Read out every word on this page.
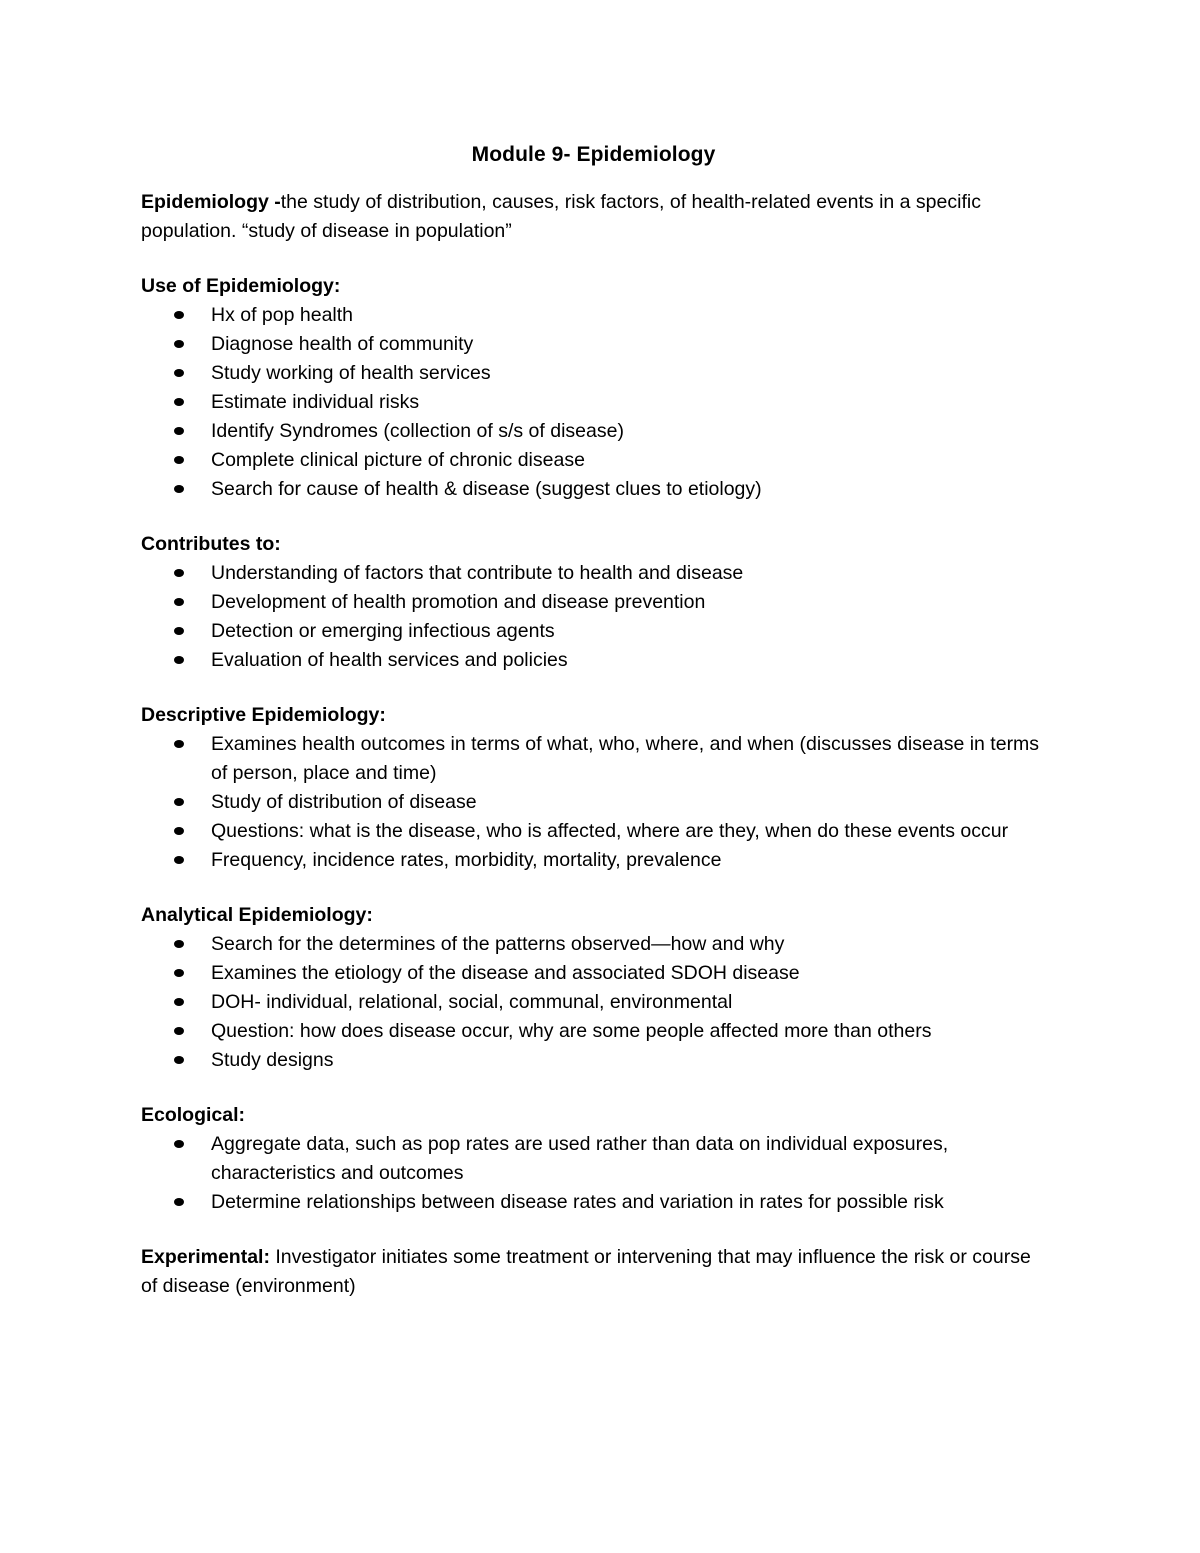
Module 9- Epidemiology

Epidemiology -the study of distribution, causes, risk factors, of health-related events in a specific population. “study of disease in population”

Use of Epidemiology:

Hx of pop health
Diagnose health of community
Study working of health services
Estimate individual risks
Identify Syndromes (collection of s/s of disease)
Complete clinical picture of chronic disease
Search for cause of health & disease (suggest clues to etiology)

Contributes to:

Understanding of factors that contribute to health and disease
Development of health promotion and disease prevention
Detection or emerging infectious agents
Evaluation of health services and policies

Descriptive Epidemiology:

Examines health outcomes in terms of what, who, where, and when (discusses disease in terms of person, place and time)
Study of distribution of disease
Questions: what is the disease, who is affected, where are they, when do these events occur
Frequency, incidence rates, morbidity, mortality, prevalence

Analytical Epidemiology:

Search for the determines of the patterns observed—how and why
Examines the etiology of the disease and associated SDOH disease
DOH- individual, relational, social, communal, environmental
Question: how does disease occur, why are some people affected more than others
Study designs

Ecological:

Aggregate data, such as pop rates are used rather than data on individual exposures, characteristics and outcomes
Determine relationships between disease rates and variation in rates for possible risk

Experimental: Investigator initiates some treatment or intervening that may influence the risk or course of disease (environment)
